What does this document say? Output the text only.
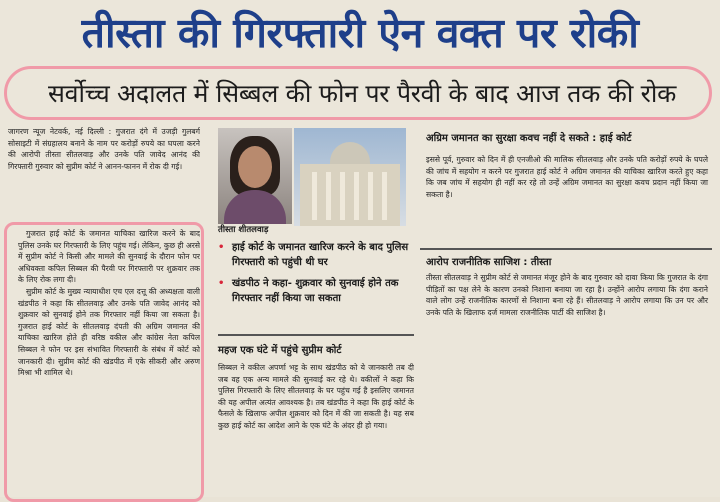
तीस्ता की गिरफ्तारी ऐन वक्त पर रोकी
सर्वोच्च अदालत में सिब्बल की फोन पर पैरवी के बाद आज तक की रोक
जागरण न्यूज नेटवर्क, नई दिल्ली : गुजरात दंगे में उजड़ी गुलबर्ग सोसाइटी में संग्रहालय बनाने के नाम पर करोड़ों रुपये का घपला करने की आरोपी तीस्ता सीतलवाड़ और उनके पति जावेद आनंद की गिरफ्तारी गुरुवार को सुप्रीम कोर्ट ने आनन-फानन में रोक दी गई।
गुजरात हाई कोर्ट के जमानत याचिका खारिज करने के बाद पुलिस उनके घर गिरफ्तारी के लिए पहुंच गई। लेकिन, कुछ ही अरसे में सुप्रीम कोर्ट ने किसी और मामले की सुनवाई के दौरान फोन पर अधिवक्ता कपिल सिब्बल की पैरवी पर गिरफ्तारी पर शुक्रवार तक के लिए रोक लगा दी।
सुप्रीम कोर्ट के मुख्य न्यायाधीश एच एल दत्तू की अध्यक्षता वाली खंडपीठ ने कहा कि सीतलवाड़ और उनके पति जावेद आनंद को शुक्रवार को सुनवाई होने तक गिरफ्तार नहीं किया जा सकता है। गुजरात हाई कोर्ट के सीतलवाड़ दंपती की अग्रिम जमानत की याचिका खारिज होते ही वरिष्ठ वकील और कांग्रेस नेता कपिल सिब्बल ने फोन पर इस संभावित गिरफ्तारी के संबंध में कोर्ट को जानकारी दी। सुप्रीम कोर्ट की खंडपीठ में एके सीकरी और अरुण मिश्रा भी शामिल थे।
तीस्ता शीतलवाड़
• हाई कोर्ट के जमानत खारिज करने के बाद पुलिस गिरफ्तारी को पहुंची थी घर
• खंडपीठ ने कहा- शुक्रवार को सुनवाई होने तक गिरफ्तार नहीं किया जा सकता
अग्रिम जमानत का सुरक्षा कवच नहीं दे सकते : हाई कोर्ट
इससे पूर्व, गुरुवार को दिन में ही एनजीओ की मालिक सीतलवाड़ और उनके पति करोड़ों रुपये के घपले की जांच में सहयोग न करने पर गुजरात हाई कोर्ट ने अग्रिम जमानत की याचिका खारिज करते हुए कहा कि जब जांच में सहयोग ही नहीं कर रहे तो उन्हें अग्रिम जमानत का सुरक्षा कवच प्रदान नहीं किया जा सकता है।
आरोप राजनीतिक साजिश : तीस्ता
तीस्ता सीतलवाड़ ने सुप्रीम कोर्ट से जमानत मंजूर होने के बाद गुरुवार को दावा किया कि गुजरात के दंगा पीड़ितों का पक्ष लेने के कारण उनको निशाना बनाया जा रहा है। उन्होंने आरोप लगाया कि दंगा कराने वाले लोग उन्हें राजनीतिक कारणों से निशाना बना रहे हैं। सीतलवाड़ ने आरोप लगाया कि उन पर और उनके पति के खिलाफ दर्ज मामला राजनीतिक पार्टी की साजिश है।
महज एक घंटे में पहुंचे सुप्रीम कोर्ट
सिब्बल ने वकील अपर्णा भट्ट के साथ खंडपीठ को ये जानकारी तब दी जब वह एक अन्य मामले की सुनवाई कर रहे थे। वकीलों ने कहा कि पुलिस गिरफ्तारी के लिए सीतलवाड़ के घर पहुंच गई है इसलिए जमानत की यह अपील अत्यंत आवश्यक है। तब खंडपीठ ने कहा कि हाई कोर्ट के फैसले के खिलाफ अपील शुक्रवार को दिन में की जा सकती है। यह सब कुछ हाई कोर्ट का आदेश आने के एक घंटे के अंदर ही हो गया।
